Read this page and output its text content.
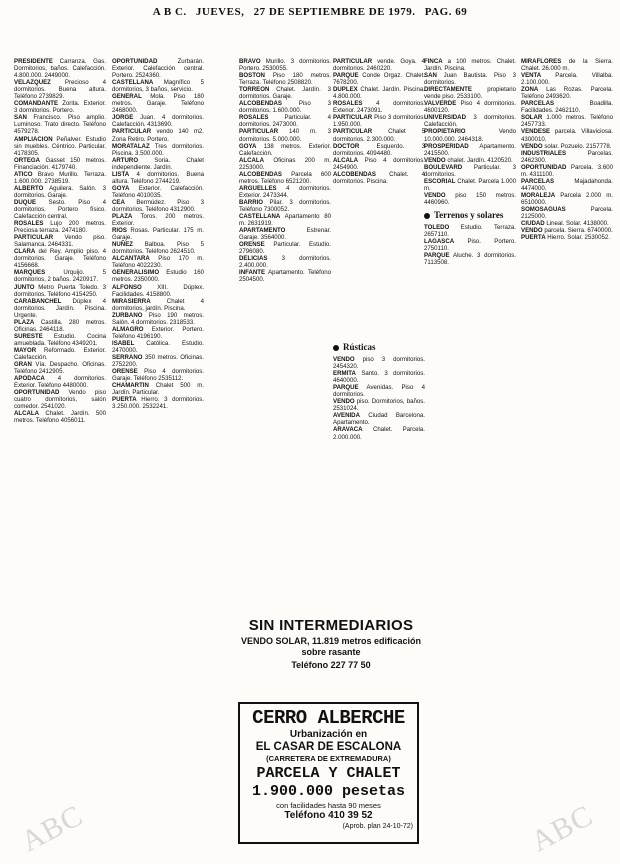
A B C. JUEVES, 27 DE SEPTIEMBRE DE 1979. PAG. 69

PRESIDENTE Carranza. Gas. Dormitorios, baños. Calefacción. 4.800.000. 2449000.

VELAZQUEZ Precioso 4 dormitorios. Buena altura. Teléfono 2739829.

COMANDANTE Zorita. Exterior. 3 dormitorios. Portero.

SAN Francisco. Piso amplio. Luminoso. Trato directo. Teléfono 4579278.

AMPLIACION Peñalver. Estudio sin muebles. Céntrico. Particular. 4178305.

ORTEGA Gasset 150 metros. Financiación. 4179740.

ATICO Bravo Murillo. Terraza. 1.600.000. 2738519.

ALBERTO Aguilera. Salón. 3 dormitorios. Garaje.

DUQUE Sesto. Piso 4 dormitorios. Portero físico. Calefacción central.

ROSALES Lujo 200 metros. Preciosa terraza. 2474180.

PARTICULAR Vendo piso. Salamanca. 2464331.

CLARA del Rey. Amplio piso. 4 dormitorios. Garaje. Teléfono 4156668.

MARQUES Urquijo. 5 dormitorios, 2 baños. 2420917.

JUNTO Metro Puerta Toledo. 3 dormitorios. Teléfono 4154250.

CARABANCHEL Dúplex 4 dormitorios. Jardín. Piscina. Urgente.

PLAZA Castilla. 280 metros. Oficinas. 2464118.

SURESTE Estudio. Cocina amueblada. Teléfono 4349201.

MAYOR Reformado. Exterior. Calefacción.

GRAN Vía. Despacho. Oficinas. Teléfono 2412905.

APODACA 4 dormitorios. Exterior. Teléfono 4480000.

OPORTUNIDAD Vendo piso cuatro dormitorios, salón comedor. 2541020.

ALCALA Chalet. Jardín. 500 metros. Teléfono 4056011.

OPORTUNIDAD Zurbarán. Exterior. Calefacción central. Portero. 2524360.

CASTELLANA Magnífico 5 dormitorios, 3 baños, servicio.

GENERAL Mola. Piso 180 metros. Garaje. Teléfono 2468000.

JORGE Juan. 4 dormitorios. Calefacción. 4313690.

PARTICULAR vendo 140 m2. Zona Retiro. Portero.

MORATALAZ Tres dormitorios. Piscina. 3.500.000.

ARTURO Soria. Chalet independiente. Jardín.

LISTA 4 dormitorios. Buena altura. Teléfono 2744219.

GOYA Exterior. Calefacción. Teléfono 4010035.

CEA Bermúdez. Piso 3 dormitorios. Teléfono 4312900.

PLAZA Toros. 200 metros. Exterior.

RIOS Rosas. Particular. 175 m. Garaje.

NUÑEZ Balboa. Piso 5 dormitorios. Teléfono 2624510.

ALCANTARA Piso 170 m. Teléfono 4022230.

GENERALISIMO Estudio 160 metros. 2350000.

ALFONSO XIII. Dúplex. Facilidades. 4158800.

MIRASIERRA Chalet 4 dormitorios, jardín. Piscina.

ZURBANO Piso 190 metros. Salón. 4 dormitorios. 2318533.

ALMAGRO Exterior. Portero. Teléfono 4196190.

ISABEL Católica. Estudio. 2470000.

SERRANO 350 metros. Oficinas. 2752200.

ORENSE Piso 4 dormitorios. Garaje. Teléfono 2535112.

CHAMARTIN Chalet 500 m. Jardín. Particular.

PUERTA Hierro. 3 dormitorios. 3.250.000. 2532241.

BRAVO Murillo. 3 dormitorios. Portero. 2530055.

BOSTON Piso 180 metros. Terraza. Teléfono 2508820.

TORREON Chalet. Jardín. 3 dormitorios. Garaje.

ALCOBENDAS Piso 3 dormitorios. 1.600.000.

ROSALES Particular. 4 dormitorios. 2473000.

PARTICULAR 140 m. 3 dormitorios. 5.000.000.

GOYA 138 metros. Exterior. Calefacción.

ALCALA Oficinas 200 m. 2253000.

ALCOBENDAS Parcela 600 metros. Teléfono 6521200.

ARGUELLES 4 dormitorios. Exterior. 2473344.

BARRIO Pilar. 3 dormitorios. Teléfono 7300052.

CASTELLANA Apartamento 80 m. 2631919.

APARTAMENTO Estrenar. Garaje. 3564000.

ORENSE Particular. Estudio. 2796080.

DELICIAS 3 dormitorios. 2.400.000.

INFANTE Apartamento. Teléfono 2504500.

PARTICULAR vende. Goya. 4 dormitorios. 2460220.

PARQUE Conde Orgaz. Chalet. 7678200.

DUPLEX Chalet. Jardín. Piscina. 4.800.000.

ROSALES 4 dormitorios. Exterior. 2473091.

PARTICULAR Piso 3 dormitorios. 1.950.000.

PARTICULAR Chalet 5 dormitorios. 2.300.000.

DOCTOR Esquerdo. 3 dormitorios. 4094480.

ALCALA Piso 4 dormitorios. 2454900.

ALCOBENDAS Chalet. 4 dormitorios. Piscina.

Rústicas

VENDO piso 3 dormitorios. 2454320.

ERMITA Santo. 3 dormitorios. 4640000.

PARQUE Avenidas. Piso 4 dormitorios.

VENDO piso. Dormitorios, baños. 2531024.

AVENIDA Ciudad Barcelona. Apartamento.

ARAVACA Chalet. Parcela. 2.000.000.

FINCA a 100 metros. Chalet. Jardín. Piscina.

SAN Juan Bautista. Piso 3 dormitorios.

DIRECTAMENTE propietario vende piso. 2533100.

VALVERDE Piso 4 dormitorios. 4600120.

UNIVERSIDAD 3 dormitorios. Calefacción.

PROPIETARIO Vendo 10.000.000. 2464318.

PROSPERIDAD Apartamento. 2415500.

VENDO chalet. Jardín. 4120520.

BOULEVARD Particular. 3 dormitorios.

ESCORIAL Chalet. Parcela 1.000 m.

VENDO piso 150 metros. 4460960.

Terrenos y solares

TOLEDO Estudio. Terraza. 2657110.

LAGASCA Piso. Portero. 2750110.

PARQUE Aluche. 3 dormitorios. 7113508.

MIRAFLORES de la Sierra. Chalet. 26.000 m.

VENTA Parcela. Villalba. 2.100.000.

ZONA Las Rozas. Parcela. Teléfono 2493620.

PARCELAS Boadilla. Facilidades. 2462110.

SOLAR 1.000 metros. Teléfono 2457733.

VENDESE parcela. Villaviciosa. 4300010.

VENDO solar. Pozuelo. 2157778.

INDUSTRIALES Parcelas. 2462300.

OPORTUNIDAD Parcela. 3.600 m. 4311100.

PARCELAS Majadahonda. 4474000.

MORALEJA Parcela 2.000 m. 6510000.

SOMOSAGUAS Parcela. 2125000.

CIUDAD Lineal. Solar. 4138000.

VENDO parcela. Sierra. 6740000.

PUERTA Hierro. Solar. 2530052.

SIN INTERMEDIARIOS
VENDO SOLAR, 11.819 metros edificación sobre rasante
Teléfono 227 77 50
CERRO ALBERCHE
Urbanización en
EL CASAR DE ESCALONA
(CARRETERA DE EXTREMADURA)
PARCELA Y CHALET
1.900.000 pesetas
con facilidades hasta 90 meses
Teléfono 410 39 52
(Aprob. plan 24-10-72)
ABC	ABC
